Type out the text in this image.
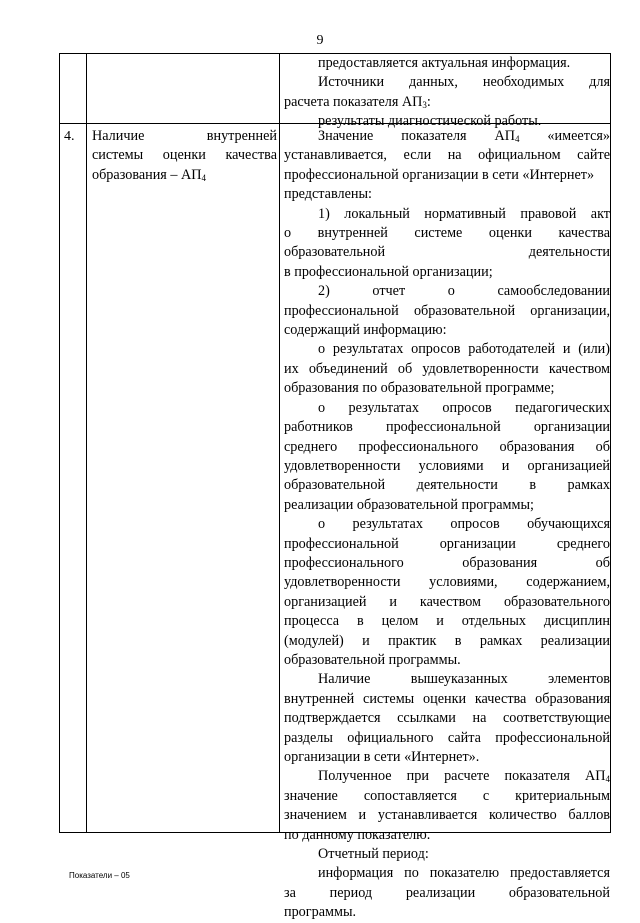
9

предоставляется актуальная информация.

Источники данных, необходимых для

расчета показателя $АП_3$:

результаты диагностической работы.

4.	Наличие внутренней

системы оценки качества

образования – $АП_4$

Значение показателя $АП_4$ «имеется»

устанавливается, если на официальном сайте

профессиональной организации в сети «Интернет»

представлены:

1) локальный нормативный правовой акт

о внутренней системе оценки качества

образовательной деятельности

в профессиональной организации;

2) отчет о самообследовании

профессиональной образовательной организации,

содержащий информацию:

о результатах опросов работодателей и (или)

их объединений об удовлетворенности качеством

образования по образовательной программе;

о результатах опросов педагогических

работников профессиональной организации

среднего профессионального образования об

удовлетворенности условиями и организацией

образовательной деятельности в рамках

реализации образовательной программы;

о результатах опросов обучающихся

профессиональной организации среднего

профессионального образования об

удовлетворенности условиями, содержанием,

организацией и качеством образовательного

процесса в целом и отдельных дисциплин

(модулей) и практик в рамках реализации

образовательной программы.

Наличие вышеуказанных элементов

внутренней системы оценки качества образования

подтверждается ссылками на соответствующие

разделы официального сайта профессиональной

организации в сети «Интернет».

Полученное при расчете показателя $АП_4$

значение сопоставляется с критериальным

значением и устанавливается количество баллов

по данному показателю.

Отчетный период:

информация по показателю предоставляется

за период реализации образовательной

программы.

Показатели – 05
